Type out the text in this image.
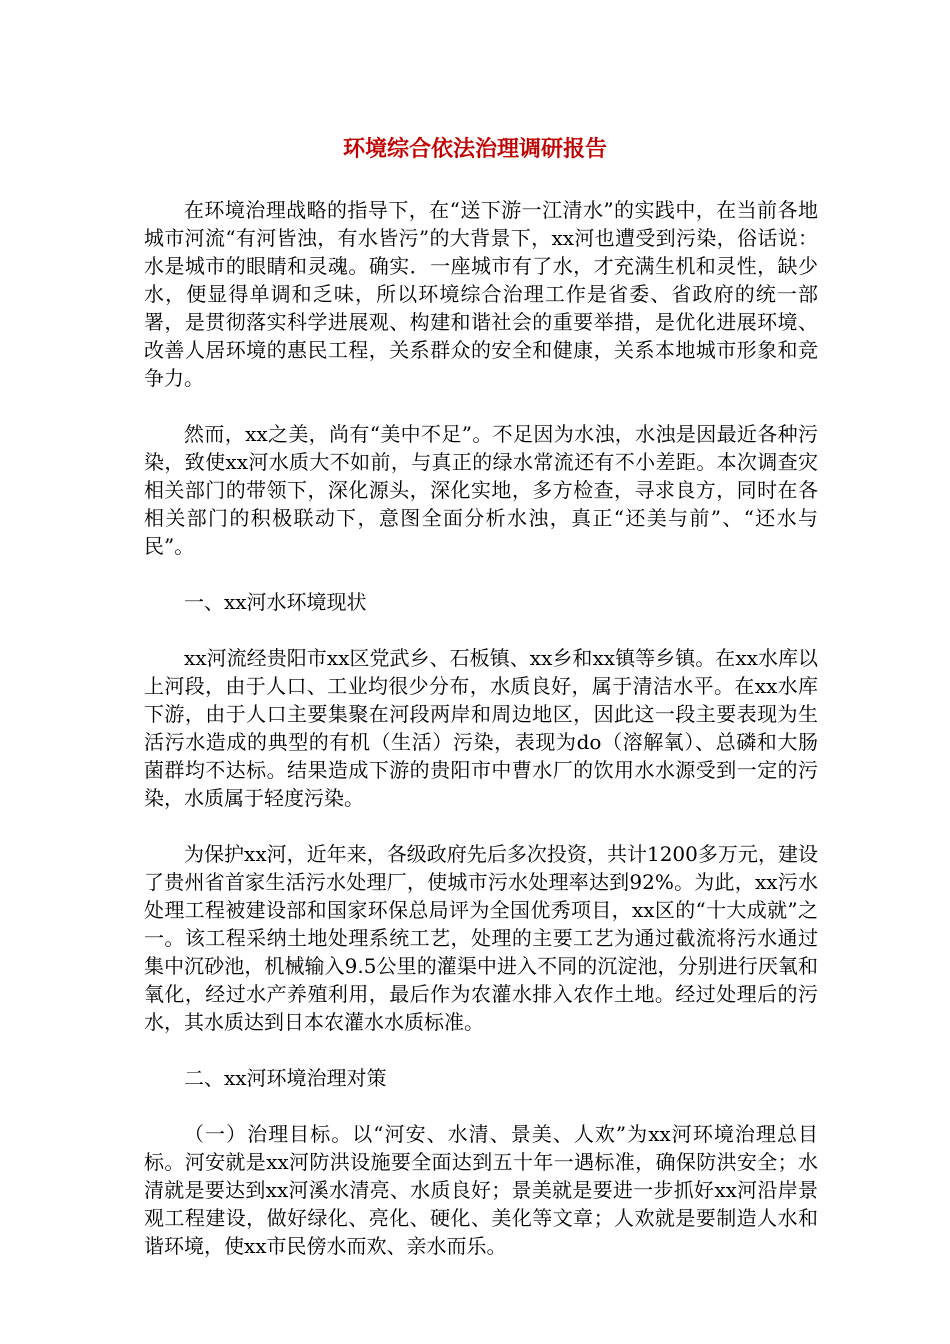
环境综合依法治理调研报告

在环境治理战略的指导下，在“送下游一江清水”的实践中，在当前各地城市河流“有河皆浊，有水皆污”的大背景下，xx河也遭受到污染，俗话说：水是城市的眼睛和灵魂。确实．一座城市有了水，才充满生机和灵性，缺少水，便显得单调和乏味，所以环境综合治理工作是省委、省政府的统一部署，是贯彻落实科学进展观、构建和谐社会的重要举措，是优化进展环境、改善人居环境的惠民工程，关系群众的安全和健康，关系本地城市形象和竞争力。

然而，xx之美，尚有“美中不足”。不足因为水浊，水浊是因最近各种污染，致使xx河水质大不如前，与真正的绿水常流还有不小差距。本次调查灾相关部门的带领下，深化源头，深化实地，多方检查，寻求良方，同时在各相关部门的积极联动下，意图全面分析水浊，真正“还美与前”、“还水与民”。

一、xx河水环境现状

xx河流经贵阳市xx区党武乡、石板镇、xx乡和xx镇等乡镇。在xx水库以上河段，由于人口、工业均很少分布，水质良好，属于清洁水平。在xx水库下游，由于人口主要集聚在河段两岸和周边地区，因此这一段主要表现为生活污水造成的典型的有机（生活）污染，表现为do（溶解氧）、总磷和大肠菌群均不达标。结果造成下游的贵阳市中曹水厂的饮用水水源受到一定的污染，水质属于轻度污染。

为保护xx河，近年来，各级政府先后多次投资，共计1200多万元，建设了贵州省首家生活污水处理厂，使城市污水处理率达到92%。为此，xx污水处理工程被建设部和国家环保总局评为全国优秀项目，xx区的“十大成就”之一。该工程采纳土地处理系统工艺，处理的主要工艺为通过截流将污水通过集中沉砂池，机械输入9.5公里的灌渠中进入不同的沉淀池，分别进行厌氧和氧化，经过水产养殖利用，最后作为农灌水排入农作土地。经过处理后的污水，其水质达到日本农灌水水质标准。

二、xx河环境治理对策

（一）治理目标。以“河安、水清、景美、人欢”为xx河环境治理总目标。河安就是xx河防洪设施要全面达到五十年一遇标准，确保防洪安全；水清就是要达到xx河溪水清亮、水质良好；景美就是要进一步抓好xx河沿岸景观工程建设，做好绿化、亮化、硬化、美化等文章；人欢就是要制造人水和谐环境，使xx市民傍水而欢、亲水而乐。
